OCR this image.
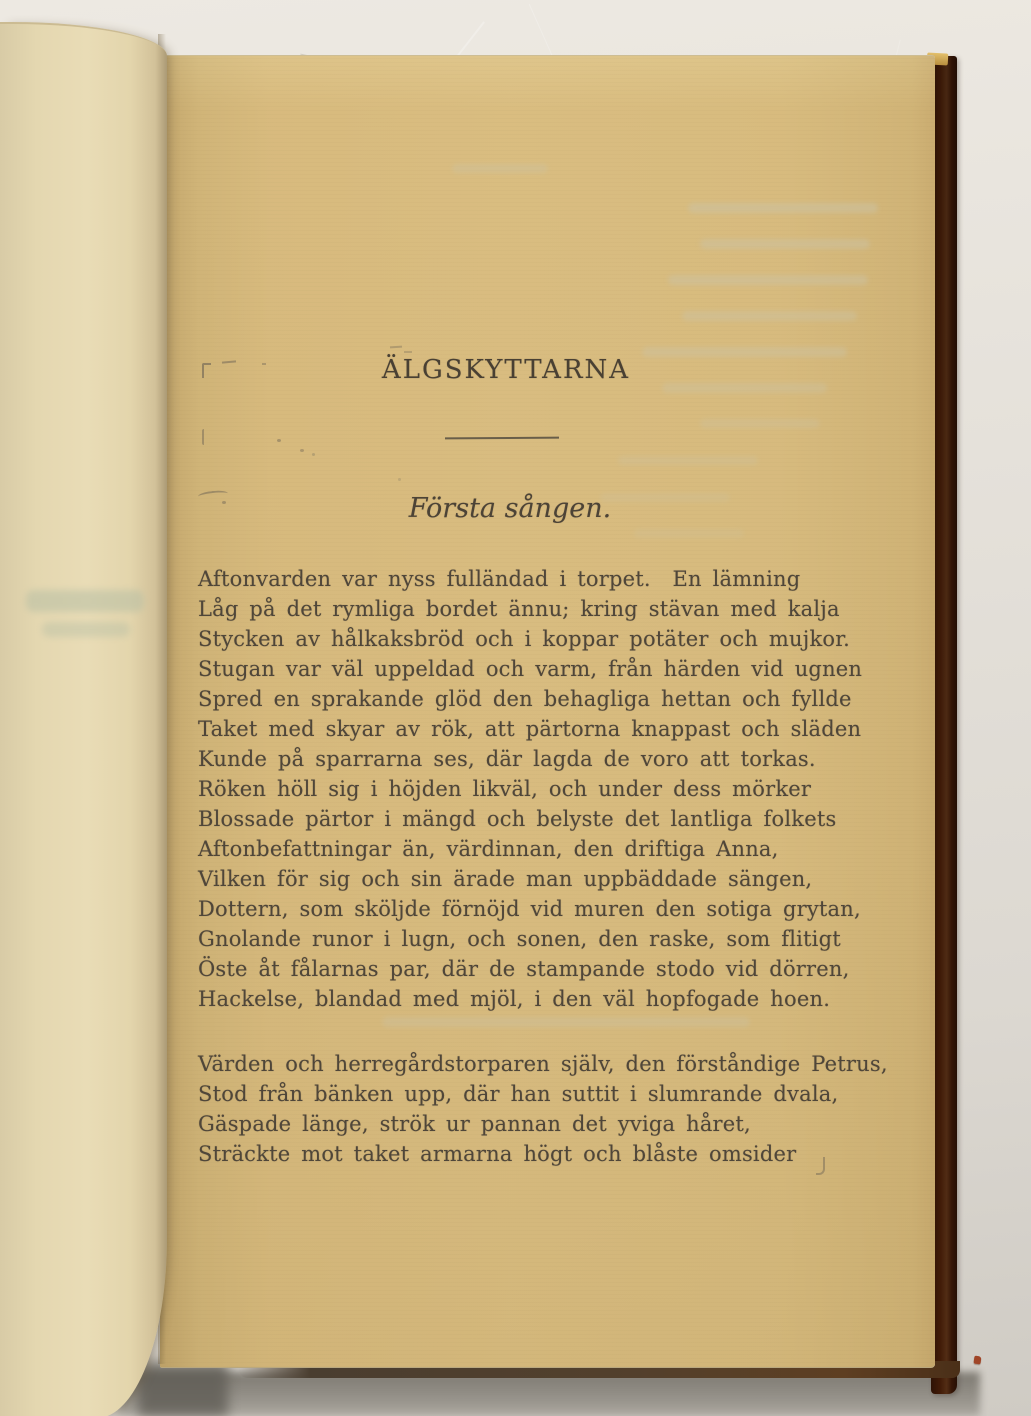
ÄLGSKYTTARNA
Första sången.
Aftonvarden var nyss fulländad i torpet.  En lämning
Låg på det rymliga bordet ännu; kring stävan med kalja
Stycken av hålkaksbröd och i koppar potäter och mujkor.
Stugan var väl uppeldad och varm, från härden vid ugnen
Spred en sprakande glöd den behagliga hettan och fyllde
Taket med skyar av rök, att pärtorna knappast och släden
Kunde på sparrarna ses, där lagda de voro att torkas.
Röken höll sig i höjden likväl, och under dess mörker
Blossade pärtor i mängd och belyste det lantliga folkets
Aftonbefattningar än, värdinnan, den driftiga Anna,
Vilken för sig och sin ärade man uppbäddade sängen,
Dottern, som sköljde förnöjd vid muren den sotiga grytan,
Gnolande runor i lugn, och sonen, den raske, som flitigt
Öste åt fålarnas par, där de stampande stodo vid dörren,
Hackelse, blandad med mjöl, i den väl hopfogade hoen.
Värden och herregårdstorparen själv, den förståndige Petrus,
Stod från bänken upp, där han suttit i slumrande dvala,
Gäspade länge, strök ur pannan det yviga håret,
Sträckte mot taket armarna högt och blåste omsider
